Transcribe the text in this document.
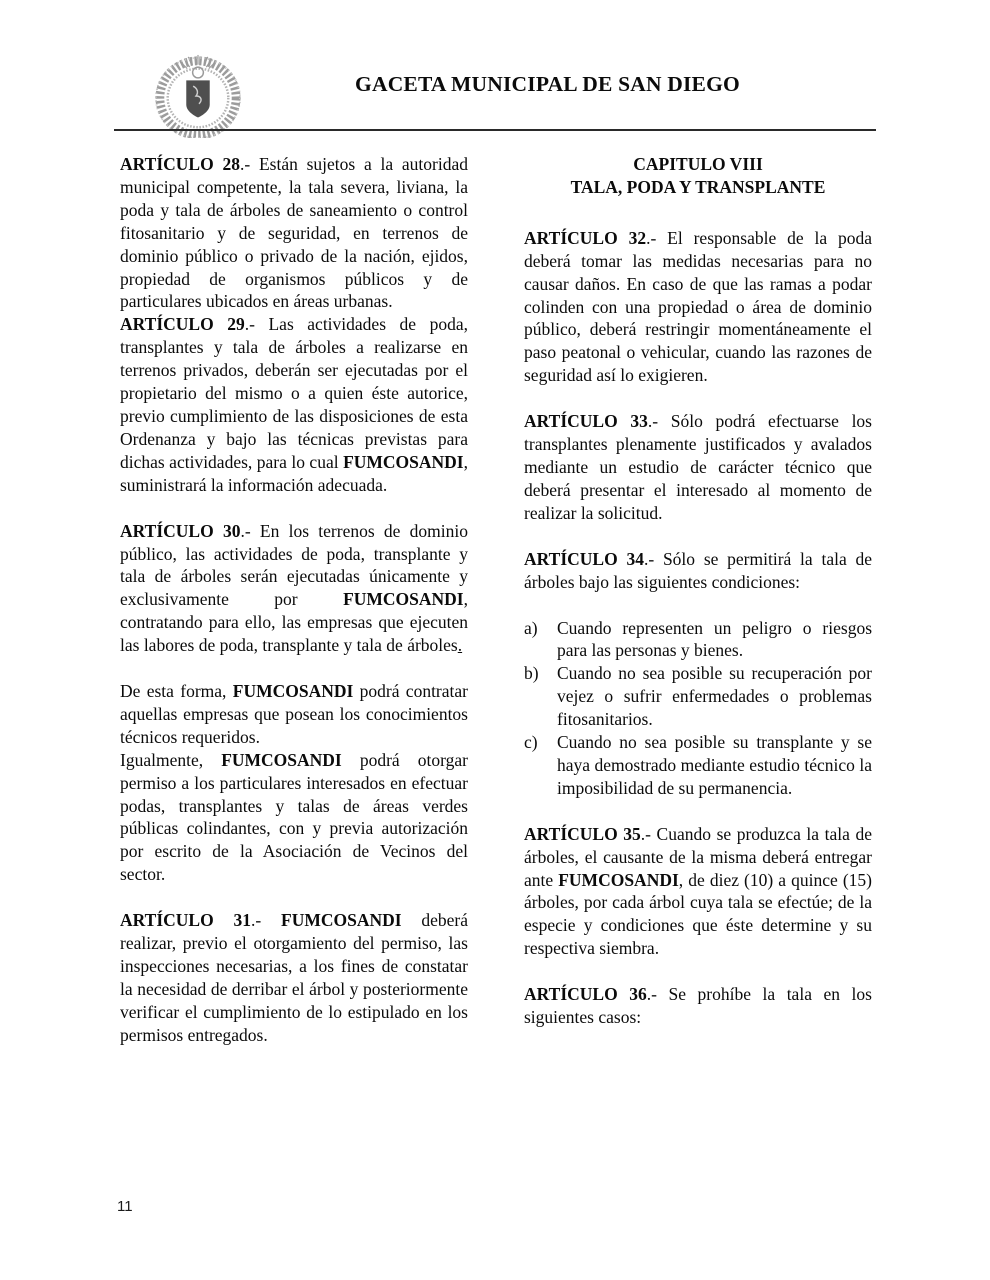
GACETA MUNICIPAL DE SAN DIEGO

ARTÍCULO 28.- Están sujetos a la autoridad municipal competente, la tala severa, liviana, la poda y tala de árboles de saneamiento o control fitosanitario y de seguridad, en terrenos de dominio público o privado de la nación, ejidos, propiedad de organismos públicos y de particulares ubicados en áreas urbanas.

ARTÍCULO 29.- Las actividades de poda, transplantes y tala de árboles a realizarse en terrenos privados, deberán ser ejecutadas por el propietario del mismo o a quien éste autorice, previo cumplimiento de las disposiciones de esta Ordenanza y bajo las técnicas previstas para dichas actividades, para lo cual FUMCOSANDI, suministrará la información adecuada.

ARTÍCULO 30.- En los terrenos de dominio público, las actividades de poda, transplante y tala de árboles serán ejecutadas únicamente y exclusivamente por FUMCOSANDI, contratando para ello, las empresas que ejecuten las labores de poda, transplante y tala de árboles.

De esta forma, FUMCOSANDI podrá contratar aquellas empresas que posean los conocimientos técnicos requeridos.

Igualmente, FUMCOSANDI podrá otorgar permiso a los particulares interesados en efectuar podas, transplantes y talas de áreas verdes públicas colindantes, con y previa autorización por escrito de la Asociación de Vecinos del sector.

ARTÍCULO 31.- FUMCOSANDI deberá realizar, previo el otorgamiento del permiso, las inspecciones necesarias, a los fines de constatar la necesidad de derribar el árbol y posteriormente verificar el cumplimiento de lo estipulado en los permisos entregados.

CAPITULO VIII
TALA, PODA Y TRANSPLANTE

ARTÍCULO 32.- El responsable de la poda deberá tomar las medidas necesarias para no causar daños. En caso de que las ramas a podar colinden con una propiedad o área de dominio público, deberá restringir momentáneamente el paso peatonal o vehicular, cuando las razones de seguridad así lo exigieren.

ARTÍCULO 33.- Sólo podrá efectuarse los transplantes plenamente justificados y avalados mediante un estudio de carácter técnico que deberá presentar el interesado al momento de realizar la solicitud.

ARTÍCULO 34.- Sólo se permitirá la tala de árboles bajo las siguientes condiciones:

a) Cuando representen un peligro o riesgos para las personas y bienes.
b) Cuando no sea posible su recuperación por vejez o sufrir enfermedades o problemas fitosanitarios.
c) Cuando no sea posible su transplante y se haya demostrado mediante estudio técnico la imposibilidad de su permanencia.

ARTÍCULO 35.- Cuando se produzca la tala de árboles, el causante de la misma deberá entregar ante FUMCOSANDI, de diez (10) a quince (15) árboles, por cada árbol cuya tala se efectúe; de la especie y condiciones que éste determine y su respectiva siembra.

ARTÍCULO 36.- Se prohíbe la tala en los siguientes casos:

11
